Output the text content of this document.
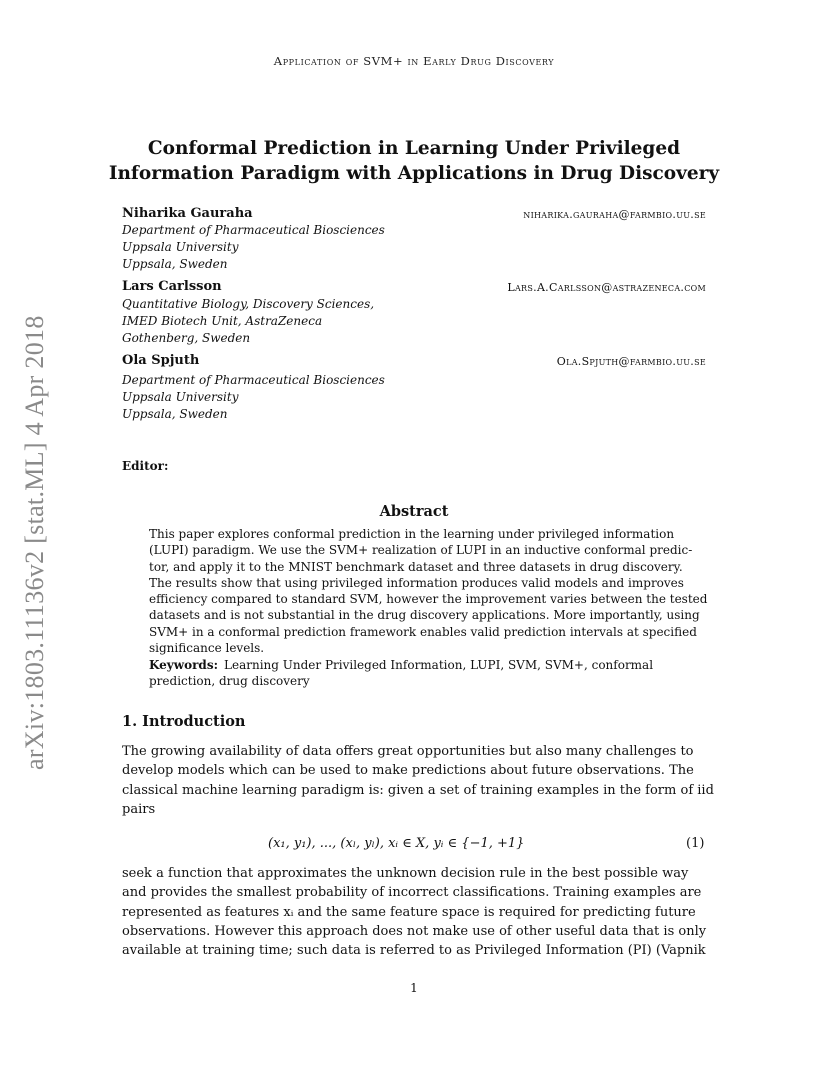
arXiv:1803.11136v2 [stat.ML] 4 Apr 2018
Application of SVM+ in Early Drug Discovery
Conformal Prediction in Learning Under Privileged
Information Paradigm with Applications in Drug Discovery
Niharika Gauraha	niharika.gauraha@farmbio.uu.se
Department of Pharmaceutical Biosciences
Uppsala University
Uppsala, Sweden
Lars Carlsson	Lars.A.Carlsson@astrazeneca.com
Quantitative Biology, Discovery Sciences,
IMED Biotech Unit, AstraZeneca
Gothenberg, Sweden
Ola Spjuth	Ola.Spjuth@farmbio.uu.se
Department of Pharmaceutical Biosciences
Uppsala University
Uppsala, Sweden
Editor:
Abstract
This paper explores conformal prediction in the learning under privileged information
(LUPI) paradigm. We use the SVM+ realization of LUPI in an inductive conformal predic-
tor, and apply it to the MNIST benchmark dataset and three datasets in drug discovery.
The results show that using privileged information produces valid models and improves
efficiency compared to standard SVM, however the improvement varies between the tested
datasets and is not substantial in the drug discovery applications. More importantly, using
SVM+ in a conformal prediction framework enables valid prediction intervals at specified
significance levels.
Keywords: Learning Under Privileged Information, LUPI, SVM, SVM+, conformal
prediction, drug discovery
1. Introduction
The growing availability of data offers great opportunities but also many challenges to
develop models which can be used to make predictions about future observations. The
classical machine learning paradigm is: given a set of training examples in the form of iid
pairs
(x₁, y₁), ..., (xₗ, yₗ), xᵢ ∈ X, yᵢ ∈ {−1, +1}	(1)
seek a function that approximates the unknown decision rule in the best possible way
and provides the smallest probability of incorrect classifications. Training examples are
represented as features xᵢ and the same feature space is required for predicting future
observations. However this approach does not make use of other useful data that is only
available at training time; such data is referred to as Privileged Information (PI) (Vapnik
1
